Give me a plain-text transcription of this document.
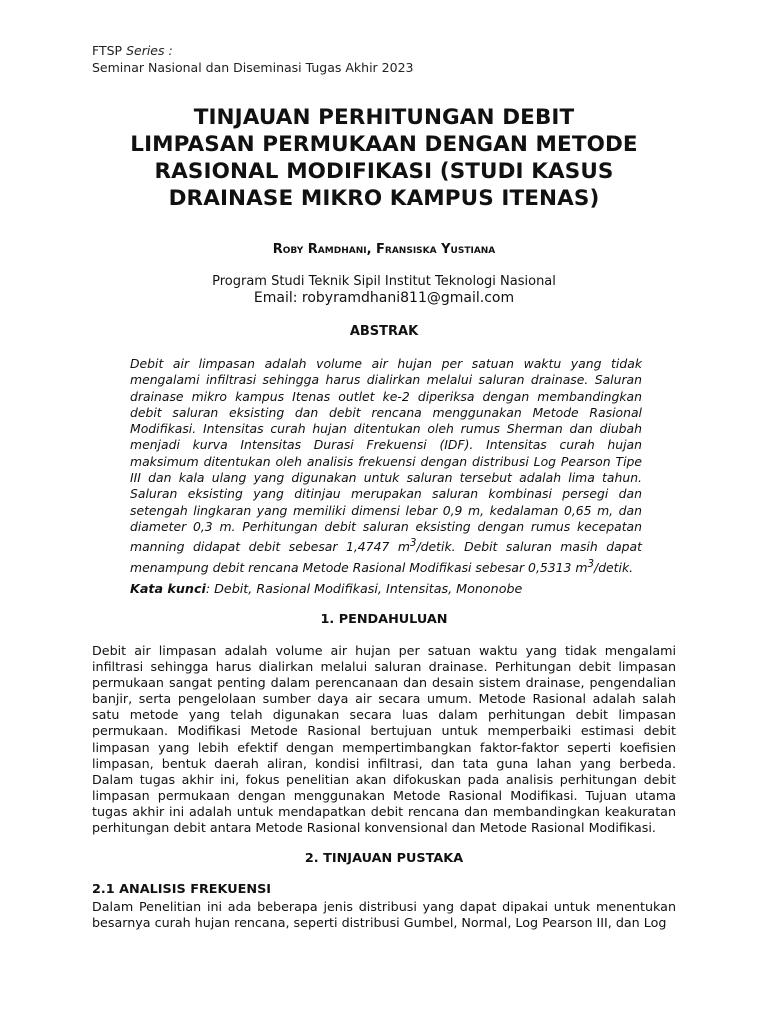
FTSP Series :
Seminar Nasional dan Diseminasi Tugas Akhir 2023
TINJAUAN PERHITUNGAN DEBIT
LIMPASAN PERMUKAAN DENGAN METODE
RASIONAL MODIFIKASI (STUDI KASUS
DRAINASE MIKRO KAMPUS ITENAS)
Roby Ramdhani, Fransiska Yustiana
Program Studi Teknik Sipil Institut Teknologi Nasional
Email: robyramdhani811@gmail.com
ABSTRAK
Debit air limpasan adalah volume air hujan per satuan waktu yang tidak mengalami infiltrasi sehingga harus dialirkan melalui saluran drainase. Saluran drainase mikro kampus Itenas outlet ke-2 diperiksa dengan membandingkan debit saluran eksisting dan debit rencana menggunakan Metode Rasional Modifikasi. Intensitas curah hujan ditentukan oleh rumus Sherman dan diubah menjadi kurva Intensitas Durasi Frekuensi (IDF). Intensitas curah hujan maksimum ditentukan oleh analisis frekuensi dengan distribusi Log Pearson Tipe III dan kala ulang yang digunakan untuk saluran tersebut adalah lima tahun. Saluran eksisting yang ditinjau merupakan saluran kombinasi persegi dan setengah lingkaran yang memiliki dimensi lebar 0,9 m, kedalaman 0,65 m, dan diameter 0,3 m. Perhitungan debit saluran eksisting dengan rumus kecepatan manning didapat debit sebesar 1,4747 $m^3$/detik. Debit saluran masih dapat menampung debit rencana Metode Rasional Modifikasi sebesar 0,5313 $m^3$/detik.
Kata kunci: Debit, Rasional Modifikasi, Intensitas, Mononobe
1. PENDAHULUAN
Debit air limpasan adalah volume air hujan per satuan waktu yang tidak mengalami infiltrasi sehingga harus dialirkan melalui saluran drainase. Perhitungan debit limpasan permukaan sangat penting dalam perencanaan dan desain sistem drainase, pengendalian banjir, serta pengelolaan sumber daya air secara umum. Metode Rasional adalah salah satu metode yang telah digunakan secara luas dalam perhitungan debit limpasan permukaan. Modifikasi Metode Rasional bertujuan untuk memperbaiki estimasi debit limpasan yang lebih efektif dengan mempertimbangkan faktor-faktor seperti koefisien limpasan, bentuk daerah aliran, kondisi infiltrasi, dan tata guna lahan yang berbeda. Dalam tugas akhir ini, fokus penelitian akan difokuskan pada analisis perhitungan debit limpasan permukaan dengan menggunakan Metode Rasional Modifikasi. Tujuan utama tugas akhir ini adalah untuk mendapatkan debit rencana dan membandingkan keakuratan perhitungan debit antara Metode Rasional konvensional dan Metode Rasional Modifikasi.
2. TINJAUAN PUSTAKA
2.1 ANALISIS FREKUENSI
Dalam Penelitian ini ada beberapa jenis distribusi yang dapat dipakai untuk menentukan besarnya curah hujan rencana, seperti distribusi Gumbel, Normal, Log Pearson III, dan Log
